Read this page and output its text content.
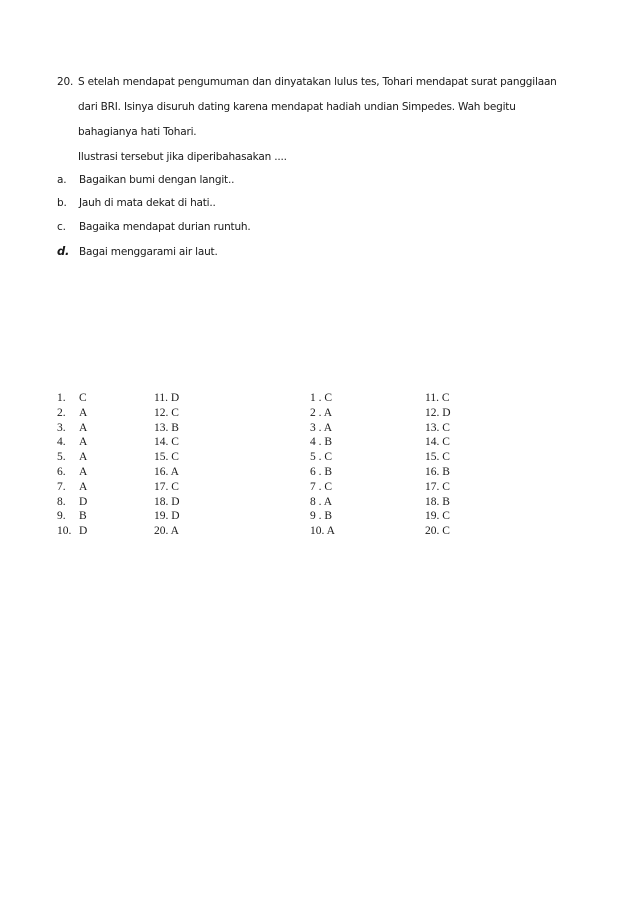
20. S etelah mendapat pengumuman dan dinyatakan lulus tes, Tohari mendapat surat panggilaan
dari BRI. Isinya disuruh dating karena mendapat hadiah undian Simpedes. Wah begitu
bahagianya hati Tohari.
Ilustrasi tersebut jika diperibahasakan ....
a. Bagaikan bumi dengan langit..
b. Jauh di mata dekat di hati..
c. Bagaika mendapat durian runtuh.
d. Bagai menggarami air laut.
1. C
2. A
3. A
4. A
5. A
6. A
7. A
8. D
9. B
10. D
11. D
12. C
13. B
14. C
15. C
16. A
17. C
18. D
19. D
20. A
1 . C
2 . A
3 . A
4 . B
5 . C
6 . B
7 . C
8 . A
9 . B
10. A
11. C
12. D
13. C
14. C
15. C
16. B
17. C
18. B
19. C
20. C
